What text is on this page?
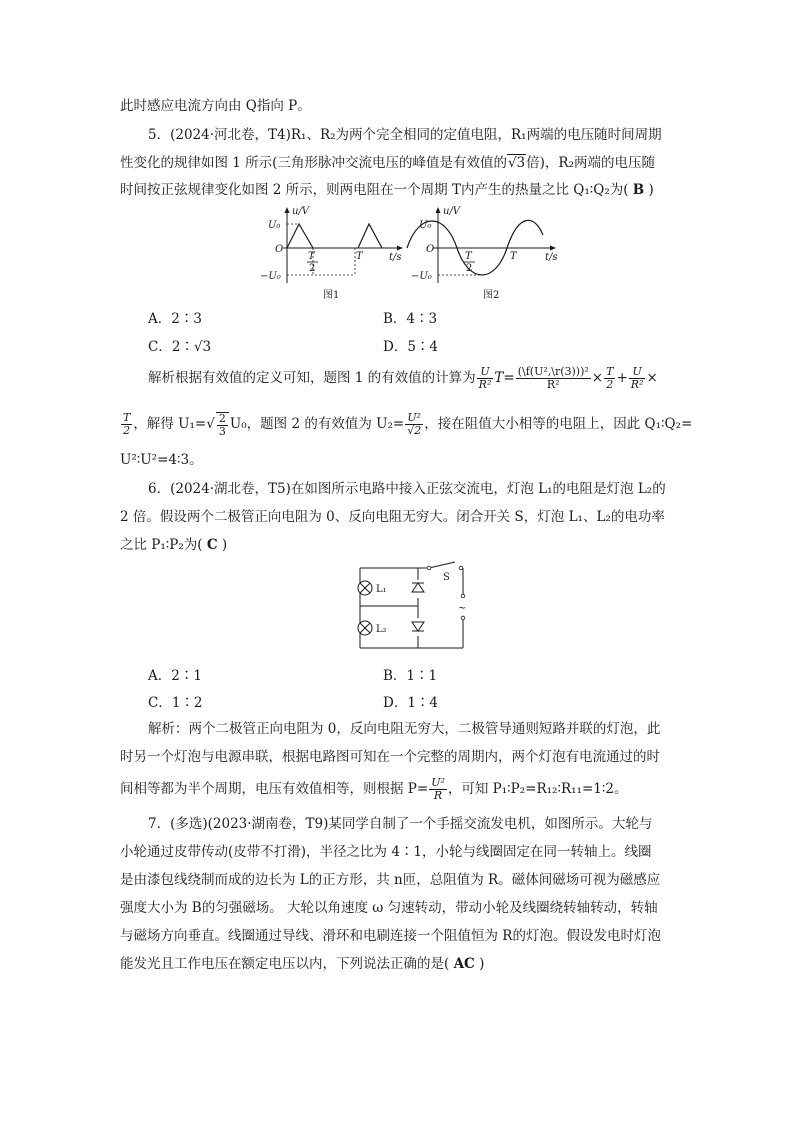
此时感应电流方向由 Q指向 P。
5．(2024·河北卷，T4)R₁、R₂为两个完全相同的定值电阻，R₁两端的电压随时间周期
性变化的规律如图 1 所示(三角形脉冲交流电压的峰值是有效值的√3倍)，R₂两端的电压随
时间按正弦规律变化如图 2 所示，则两电阻在一个周期 T内产生的热量之比 Q₁∶Q₂为( B )
u/V
U₀
O
−U₀
T
2
T	t/s
图1
u/V
U₀
O
−U₀
T
2
T	t/s
图2
A．2∶3	B．4∶3
C．2∶√3	D．5∶4
解析根据有效值的定义可知，题图 1 的有效值的计算为 $\frac{U}{\text{R²}} T= \frac{\text{(\textbackslash{}f(U²,\textbackslash{}r(3)))²}}{\text{R²}} \times \frac{T}{2} + \frac{U}{\text{R²}}$ ×
$\frac{T}{2}$ ，解得 $U_1=√ \frac{2}{3} U_0$，题图 2 的有效值为 $U_2= \frac{\text{U²}}{√2}$ ，接在阻值大小相等的电阻上，因此 Q₁∶Q₂=
U²∶U²=4∶3。
6．(2024·湖北卷，T5)在如图所示电路中接入正弦交流电，灯泡 L₁的电阻是灯泡 L₂的
2 倍。假设两个二极管正向电阻为 0、反向电阻无穷大。闭合开关 S，灯泡 L₁、L₂的电功率
之比 P₁∶P₂为( C )
L₁
L₂
S
~
A．2∶1	B．1∶1
C．1∶2	D．1∶4
解析：两个二极管正向电阻为 0，反向电阻无穷大，二极管导通则短路并联的灯泡，此
时另一个灯泡与电源串联，根据电路图可知在一个完整的周期内，两个灯泡有电流通过的时
间相等都为半个周期，电压有效值相等，则根据 $P= \frac{\text{U²}}{R}$ ，可知 P₁∶P₂=R₁₂∶R₁₁=1∶2。
7．(多选)(2023·湖南卷，T9)某同学自制了一个手摇交流发电机，如图所示。大轮与
小轮通过皮带传动(皮带不打滑)，半径之比为 4∶1，小轮与线圈固定在同一转轴上。线圈
是由漆包线绕制而成的边长为 L的正方形，共 n匝，总阻值为 R。磁体间磁场可视为磁感应
强度大小为 B的匀强磁场。 大轮以角速度 ω 匀速转动，带动小轮及线圈绕转轴转动，转轴
与磁场方向垂直。线圈通过导线、滑环和电刷连接一个阻值恒为 R的灯泡。假设发电时灯泡
能发光且工作电压在额定电压以内，下列说法正确的是( AC )
